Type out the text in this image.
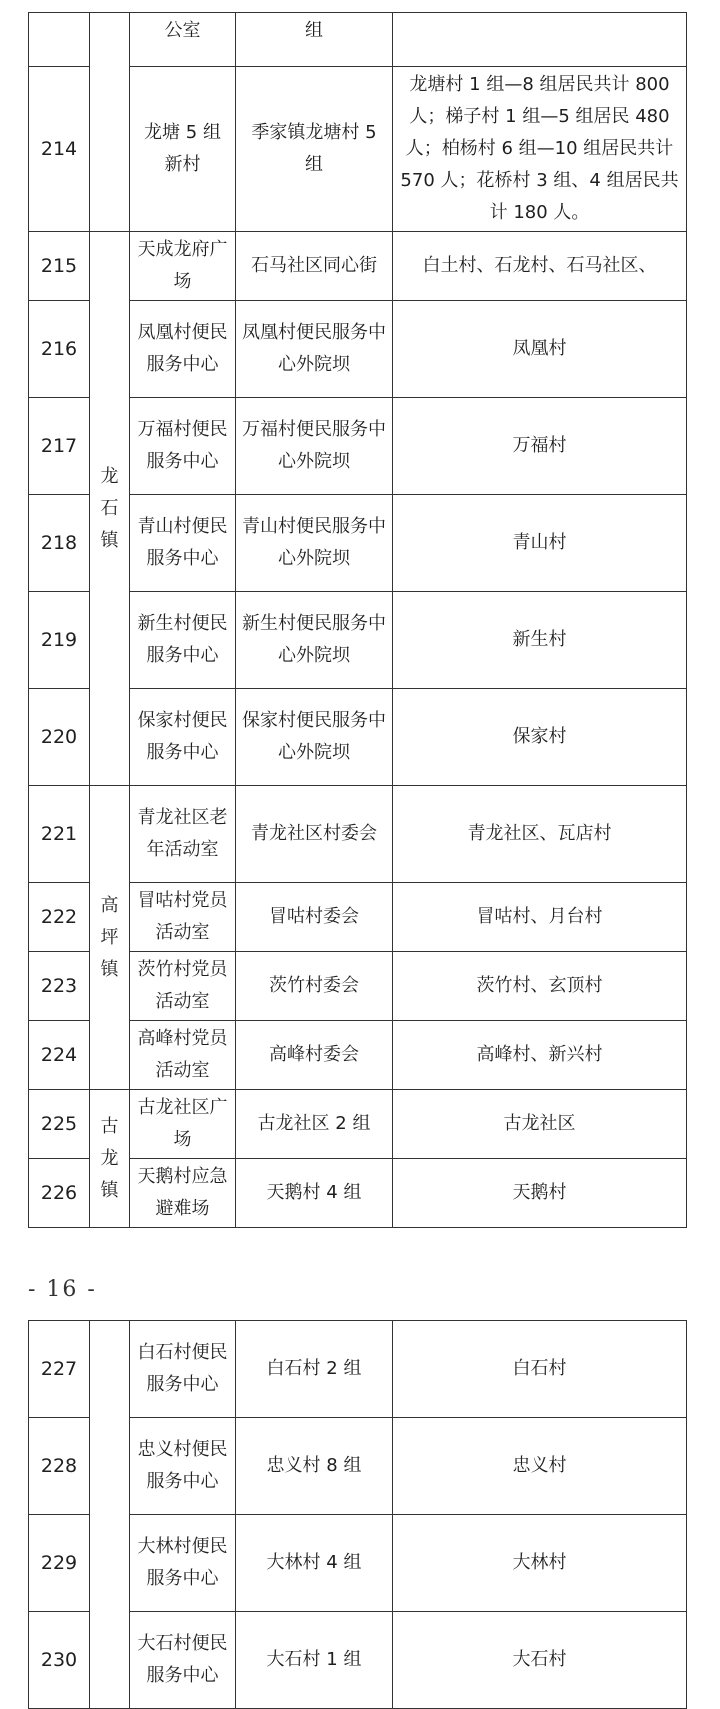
		公室	组	
214		龙塘 5 组新村	季家镇龙塘村 5 组	龙塘村 1 组—8 组居民共计 800 人；梯子村 1 组—5 组居民 480 人；柏杨村 6 组—10 组居民共计 570 人；花桥村 3 组、4 组居民共计 180 人。
215	龙石镇	天成龙府广场	石马社区同心街	白土村、石龙村、石马社区、
216		凤凰村便民服务中心	凤凰村便民服务中心外院坝	凤凰村
217		万福村便民服务中心	万福村便民服务中心外院坝	万福村
218		青山村便民服务中心	青山村便民服务中心外院坝	青山村
219		新生村便民服务中心	新生村便民服务中心外院坝	新生村
220		保家村便民服务中心	保家村便民服务中心外院坝	保家村
221	高坪镇	青龙社区老年活动室	青龙社区村委会	青龙社区、瓦店村
222		冒咕村党员活动室	冒咕村委会	冒咕村、月台村
223		茨竹村党员活动室	茨竹村委会	茨竹村、玄顶村
224		高峰村党员活动室	高峰村委会	高峰村、新兴村
225	古龙镇	古龙社区广场	古龙社区 2 组	古龙社区
226		天鹅村应急避难场	天鹅村 4 组	天鹅村
- 16 -
227		白石村便民服务中心	白石村 2 组	白石村
228		忠义村便民服务中心	忠义村 8 组	忠义村
229		大林村便民服务中心	大林村 4 组	大林村
230		大石村便民服务中心	大石村 1 组	大石村
